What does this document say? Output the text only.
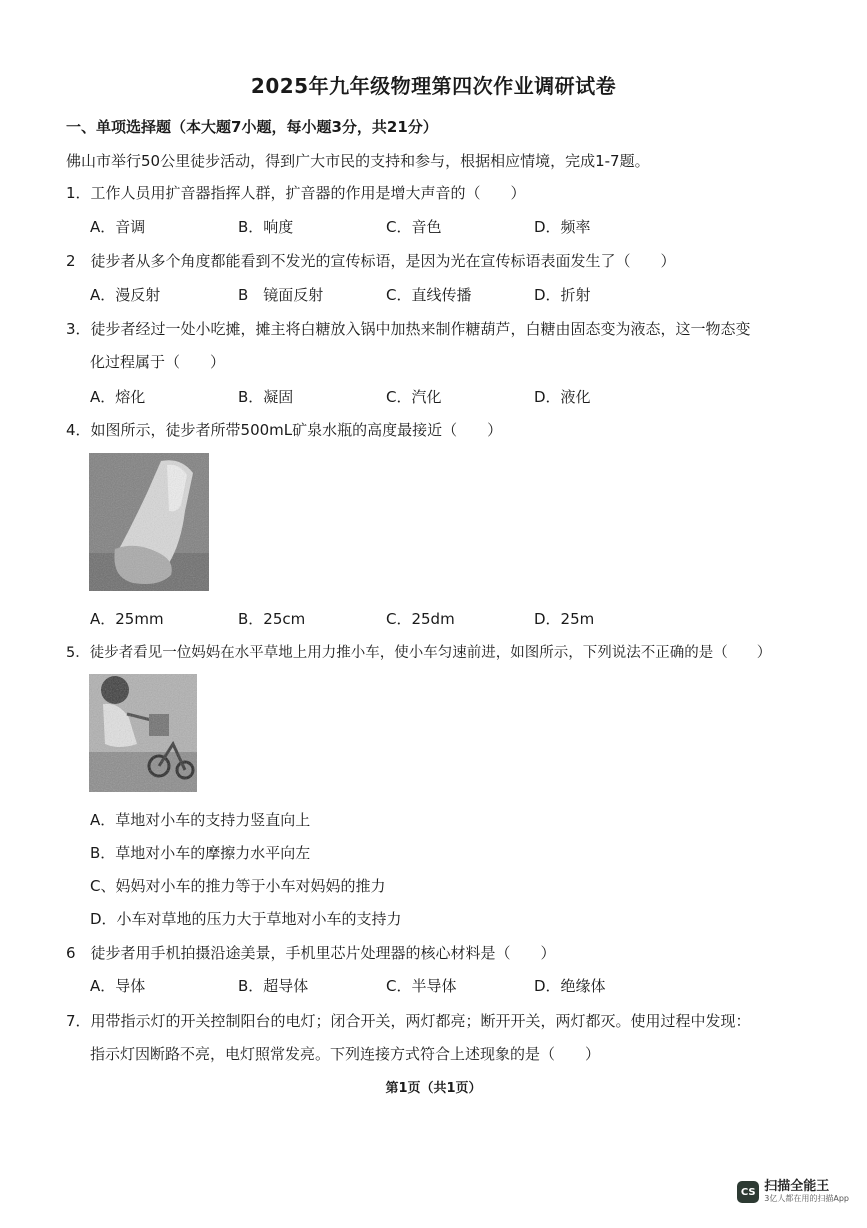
2025年九年级物理第四次作业调研试卷
一、单项选择题（本大题7小题，每小题3分，共21分）
佛山市举行50公里徒步活动，得到广大市民的支持和参与，根据相应情境，完成1-7题。
1．工作人员用扩音器指挥人群，扩音器的作用是增大声音的（　　）
A．音调	B．响度	C．音色	D．频率
2　徒步者从多个角度都能看到不发光的宣传标语，是因为光在宣传标语表面发生了（　　）
A．漫反射	B　镜面反射	C．直线传播	D．折射
3．徒步者经过一处小吃摊，摊主将白糖放入锅中加热来制作糖葫芦，白糖由固态变为液态，这一物态变
化过程属于（　　）
A．熔化	B．凝固	C．汽化	D．液化
4．如图所示，徒步者所带500mL矿泉水瓶的高度最接近（　　）
A．25mm	B．25cm	C．25dm	D．25m
5．徒步者看见一位妈妈在水平草地上用力推小车，使小车匀速前进，如图所示，下列说法不正确的是（　　）
A．草地对小车的支持力竖直向上
B．草地对小车的摩擦力水平向左
C、妈妈对小车的推力等于小车对妈妈的推力
D．小车对草地的压力大于草地对小车的支持力
6　徒步者用手机拍摄沿途美景，手机里芯片处理器的核心材料是（　　）
A．导体	B．超导体	C．半导体	D．绝缘体
7．用带指示灯的开关控制阳台的电灯；闭合开关，两灯都亮；断开开关，两灯都灭。使用过程中发现：
指示灯因断路不亮，电灯照常发亮。下列连接方式符合上述现象的是（　　）
第1页（共1页）
CS 扫描全能王
3亿人都在用的扫描App
